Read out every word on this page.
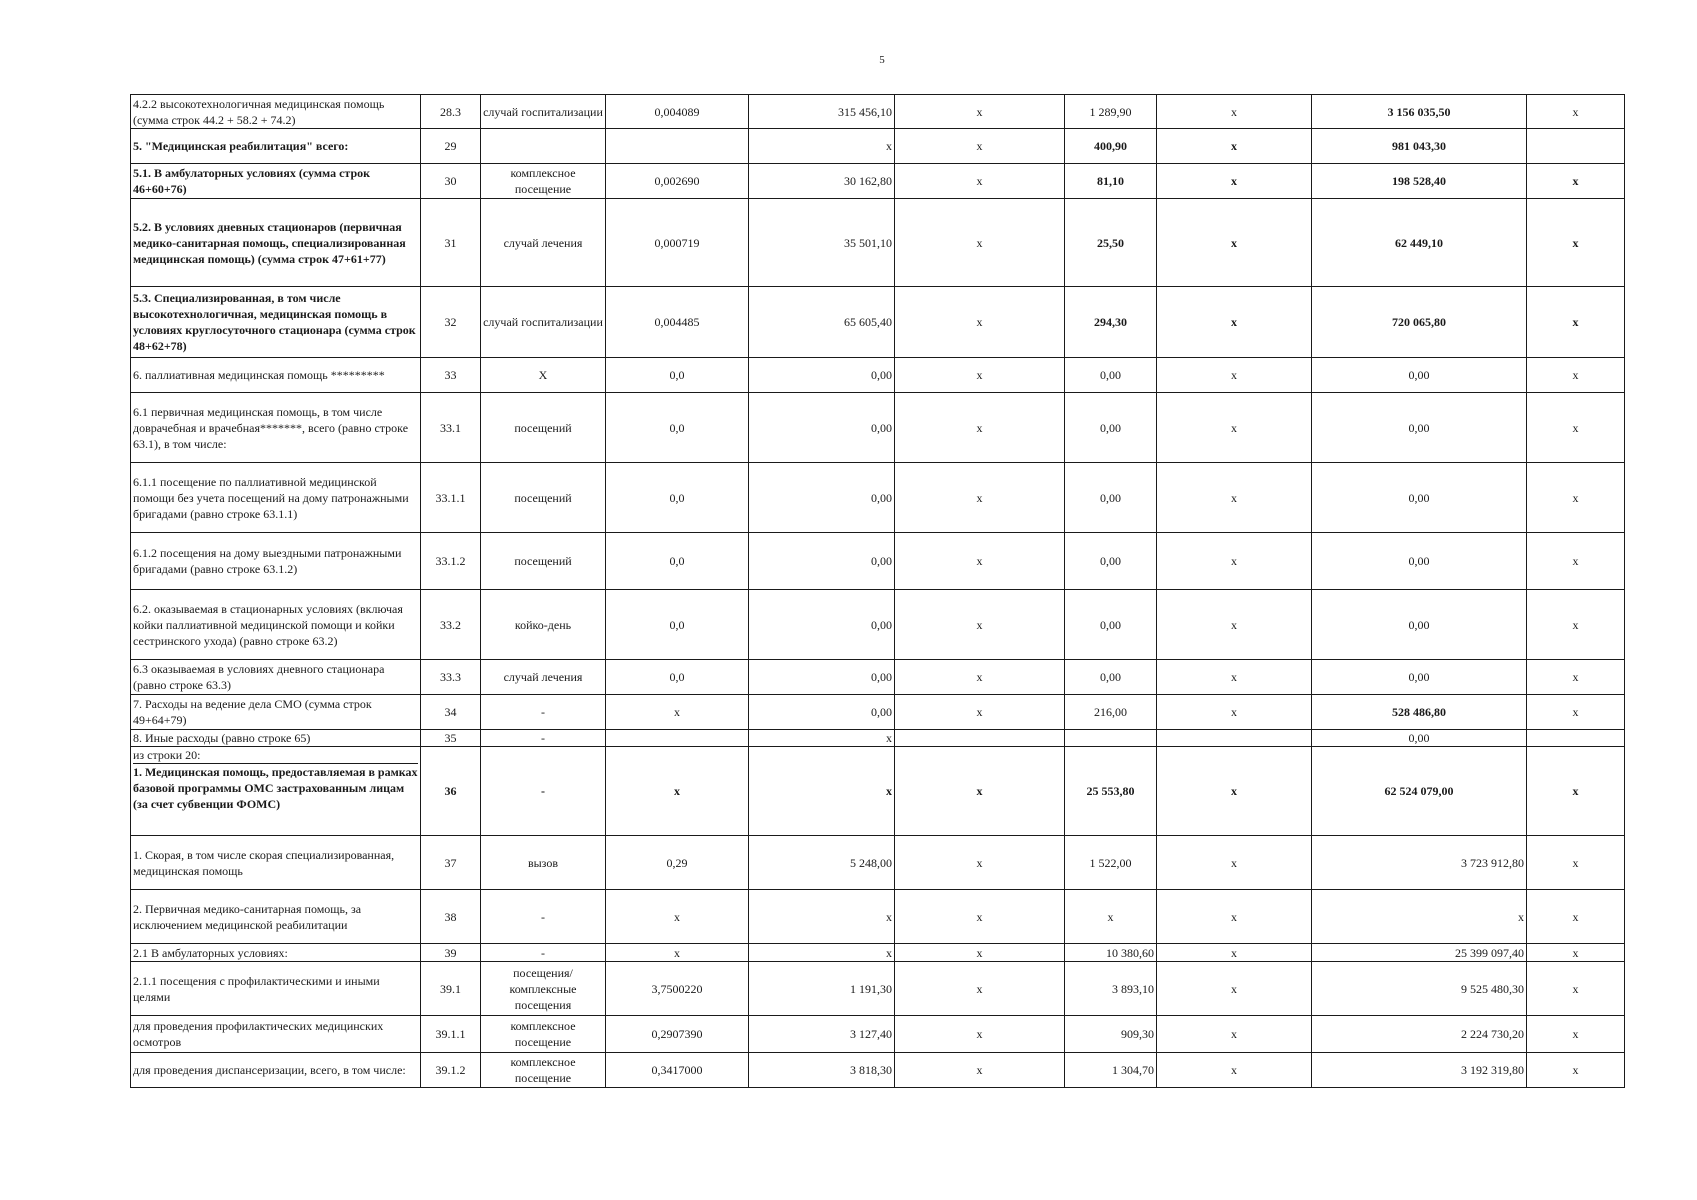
5
4.2.2 высокотехнологичная медицинская помощь (сумма строк 44.2 + 58.2 + 74.2)	28.3	случай госпитализации	0,004089	315 456,10	x	1 289,90	x	3 156 035,50	x
5. "Медицинская реабилитация" всего:	29			x	x	400,90	x	981 043,30	
5.1. В амбулаторных условиях (сумма строк 46+60+76)	30	комплексное посещение	0,002690	30 162,80	x	81,10	x	198 528,40	x
5.2. В условиях дневных стационаров (первичная медико-санитарная помощь, специализированная медицинская помощь) (сумма строк 47+61+77)	31	случай лечения	0,000719	35 501,10	x	25,50	x	62 449,10	x
5.3. Специализированная, в том числе высокотехнологичная, медицинская помощь в условиях круглосуточного стационара (сумма строк 48+62+78)	32	случай госпитализации	0,004485	65 605,40	x	294,30	x	720 065,80	x
6. паллиативная медицинская помощь *********	33	X	0,0	0,00	x	0,00	x	0,00	x
6.1 первичная медицинская помощь, в том числе доврачебная и врачебная*******, всего (равно строке 63.1), в том числе:	33.1	посещений	0,0	0,00	x	0,00	x	0,00	x
6.1.1 посещение по паллиативной медицинской помощи без учета посещений на дому патронажными бригадами (равно строке 63.1.1)	33.1.1	посещений	0,0	0,00	x	0,00	x	0,00	x
6.1.2 посещения на дому выездными патронажными бригадами (равно строке 63.1.2)	33.1.2	посещений	0,0	0,00	x	0,00	x	0,00	x
6.2. оказываемая в стационарных условиях (включая койки паллиативной медицинской помощи и койки сестринского ухода) (равно строке 63.2)	33.2	койко-день	0,0	0,00	x	0,00	x	0,00	x
6.3 оказываемая в условиях дневного стационара (равно строке 63.3)	33.3	случай лечения	0,0	0,00	x	0,00	x	0,00	x
7. Расходы на ведение дела СМО (сумма строк 49+64+79)	34	-	x	0,00	x	216,00	x	528 486,80	x
8. Иные расходы (равно строке 65)	35	-		x				0,00	

из строки 20:
1. Медицинская помощь, предоставляемая в рамках базовой программы ОМС застрахованным лицам (за счет субвенции ФОМС)	36	-	x	x	x	25 553,80	x	62 524 079,00	x
1. Скорая, в том числе скорая специализированная, медицинская помощь	37	вызов	0,29	5 248,00	x	1 522,00	x	3 723 912,80	x
2. Первичная медико-санитарная помощь, за исключением медицинской реабилитации	38	-	x	x	x	x	x	x	x
2.1 В амбулаторных условиях:	39	-	x	x	x	10 380,60	x	25 399 097,40	x
2.1.1 посещения с профилактическими и иными целями	39.1	посещения/комплексные посещения	3,7500220	1 191,30	x	3 893,10	x	9 525 480,30	x
для проведения профилактических медицинских осмотров	39.1.1	комплексное посещение	0,2907390	3 127,40	x	909,30	x	2 224 730,20	x
для проведения диспансеризации, всего, в том числе:	39.1.2	комплексное посещение	0,3417000	3 818,30	x	1 304,70	x	3 192 319,80	x
